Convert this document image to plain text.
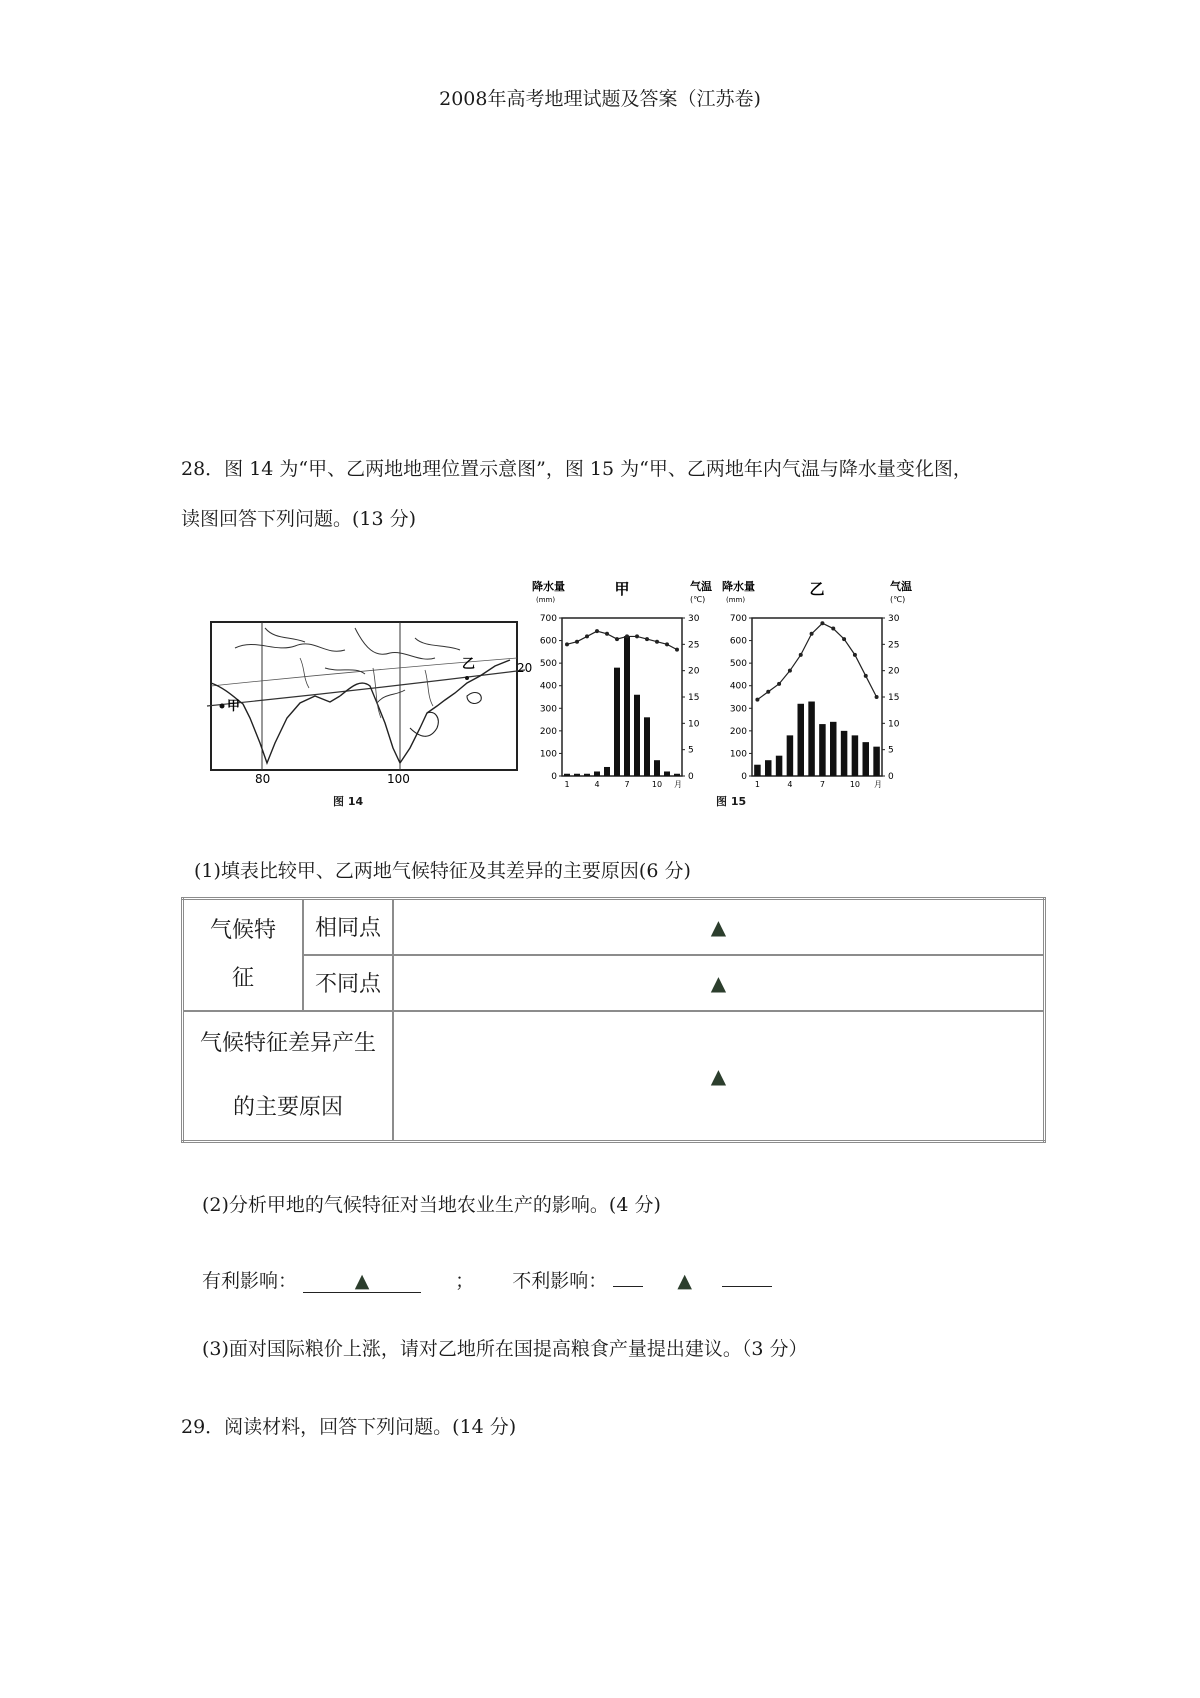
2008年高考地理试题及答案（江苏卷)
28．图 14 为“甲、乙两地地理位置示意图”，图 15 为“甲、乙两地年内气温与降水量变化图，
读图回答下列问题。(13 分)
甲
乙	20
80	100
图 14
降水量
(mm)
甲	气温
(℃)
0
100
200
300
400
500
600
700
0
5
10
15
20
25
30
1	4	7	10 月
降水量
(mm)
乙	气温
(℃)
0
100
200
300
400
500
600
700
0
5
10
15
20
25
30
1	4	7	10 月
图 15
(1)填表比较甲、乙两地气候特征及其差异的主要原因(6 分)
气候特
征	相同点	▲
	不同点	▲

气候特征差异产生
的主要原因		▲
(2)分析甲地的气候特征对当地农业生产的影响。(4 分)
有利影响：	▲	； 不利影响：	▲
(3)面对国际粮价上涨，请对乙地所在国提高粮食产量提出建议。（3 分）
29．阅读材料，回答下列问题。(14 分)
